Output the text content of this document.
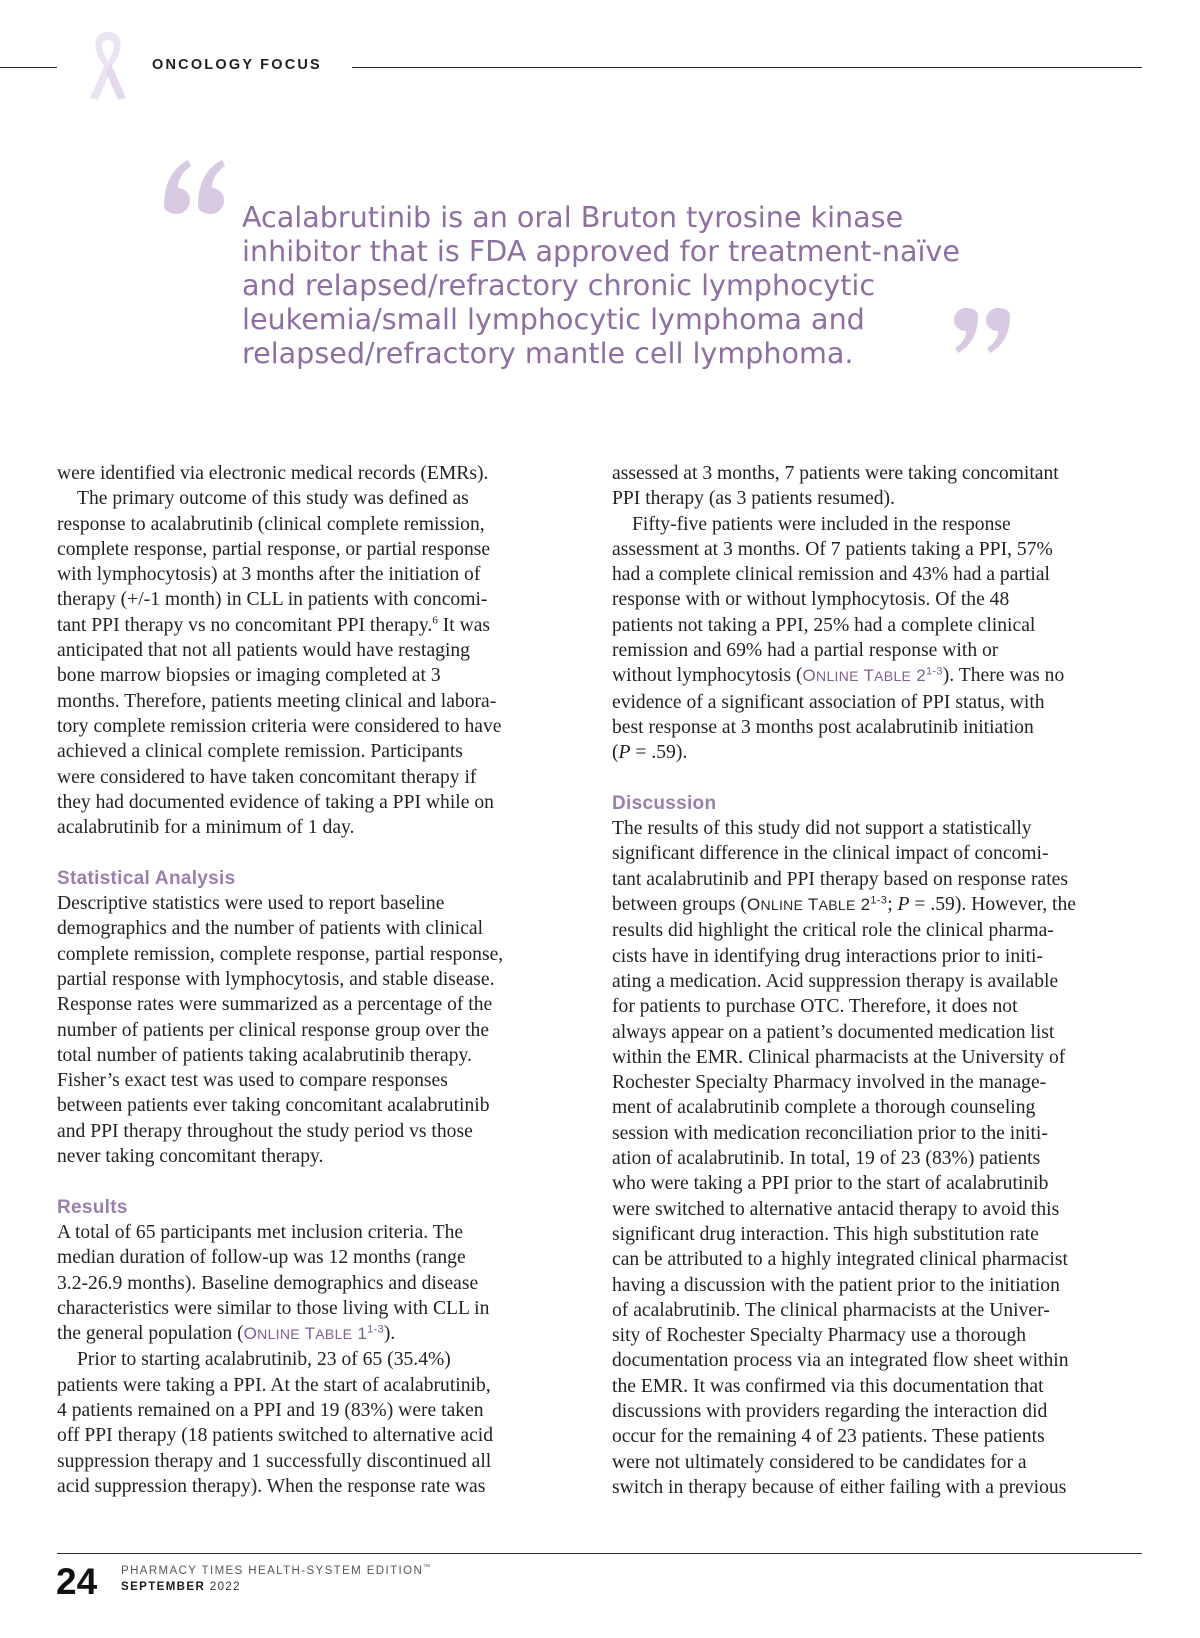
ONCOLOGY FOCUS
Acalabrutinib is an oral Bruton tyrosine kinase
inhibitor that is FDA approved for treatment-naïve
and relapsed/refractory chronic lymphocytic
leukemia/small lymphocytic lymphoma and
relapsed/refractory mantle cell lymphoma.

were identified via electronic medical records (EMRs).

The primary outcome of this study was defined as

response to acalabrutinib (clinical complete remission,

complete response, partial response, or partial response

with lymphocytosis) at 3 months after the initiation of

therapy (+/-1 month) in CLL in patients with concomi-

tant PPI therapy vs no concomitant PPI therapy.$^6$ It was

anticipated that not all patients would have restaging

bone marrow biopsies or imaging completed at 3

months. Therefore, patients meeting clinical and labora-

tory complete remission criteria were considered to have

achieved a clinical complete remission. Participants

were considered to have taken concomitant therapy if

they had documented evidence of taking a PPI while on

acalabrutinib for a minimum of 1 day.

Statistical Analysis

Descriptive statistics were used to report baseline

demographics and the number of patients with clinical

complete remission, complete response, partial response,

partial response with lymphocytosis, and stable disease.

Response rates were summarized as a percentage of the

number of patients per clinical response group over the

total number of patients taking acalabrutinib therapy.

Fisher’s exact test was used to compare responses

between patients ever taking concomitant acalabrutinib

and PPI therapy throughout the study period vs those

never taking concomitant therapy.

Results

A total of 65 participants met inclusion criteria. The

median duration of follow-up was 12 months (range

3.2-26.9 months). Baseline demographics and disease

characteristics were similar to those living with CLL in

the general population (ONLINE TABLE 1$^{1-3}$).

Prior to starting acalabrutinib, 23 of 65 (35.4%)

patients were taking a PPI. At the start of acalabrutinib,

4 patients remained on a PPI and 19 (83%) were taken

off PPI therapy (18 patients switched to alternative acid

suppression therapy and 1 successfully discontinued all

acid suppression therapy). When the response rate was

assessed at 3 months, 7 patients were taking concomitant

PPI therapy (as 3 patients resumed).

Fifty-five patients were included in the response

assessment at 3 months. Of 7 patients taking a PPI, 57%

had a complete clinical remission and 43% had a partial

response with or without lymphocytosis. Of the 48

patients not taking a PPI, 25% had a complete clinical

remission and 69% had a partial response with or

without lymphocytosis (ONLINE TABLE 2$^{1-3}$). There was no

evidence of a significant association of PPI status, with

best response at 3 months post acalabrutinib initiation

(P = .59).

Discussion

The results of this study did not support a statistically

significant difference in the clinical impact of concomi-

tant acalabrutinib and PPI therapy based on response rates

between groups (ONLINE TABLE 2$^{1-3}$; P = .59). However, the

results did highlight the critical role the clinical pharma-

cists have in identifying drug interactions prior to initi-

ating a medication. Acid suppression therapy is available

for patients to purchase OTC. Therefore, it does not

always appear on a patient’s documented medication list

within the EMR. Clinical pharmacists at the University of

Rochester Specialty Pharmacy involved in the manage-

ment of acalabrutinib complete a thorough counseling

session with medication reconciliation prior to the initi-

ation of acalabrutinib. In total, 19 of 23 (83%) patients

who were taking a PPI prior to the start of acalabrutinib

were switched to alternative antacid therapy to avoid this

significant drug interaction. This high substitution rate

can be attributed to a highly integrated clinical pharmacist

having a discussion with the patient prior to the initiation

of acalabrutinib. The clinical pharmacists at the Univer-

sity of Rochester Specialty Pharmacy use a thorough

documentation process via an integrated flow sheet within

the EMR. It was confirmed via this documentation that

discussions with providers regarding the interaction did

occur for the remaining 4 of 23 patients. These patients

were not ultimately considered to be candidates for a

switch in therapy because of either failing with a previous

24 PHARMACY TIMES HEALTH-SYSTEM EDITION™
SEPTEMBER 2022
